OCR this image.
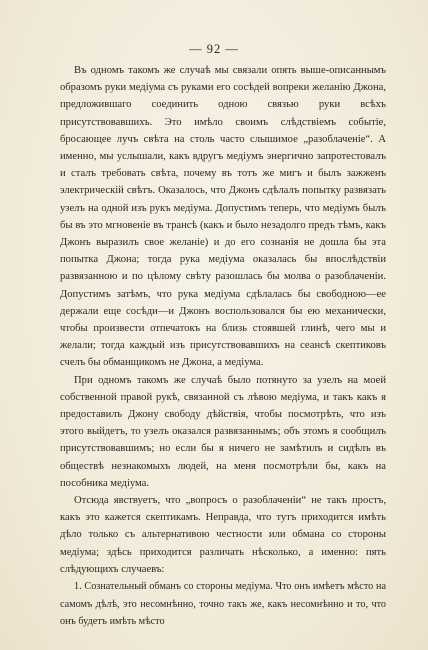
— 92 —

Въ одномъ такомъ же случаѣ мы связали опять выше-описаннымъ образомъ руки медіума съ руками его сосѣдей вопреки желанію Джона, предложившаго соединить одною связью руки всѣхъ присутствовавшихъ. Это имѣло своимъ слѣдствіемъ событіе, бросающее лучъ свѣта на столь часто слышимое „разоблаченіе“. А именно, мы услышали, какъ вдругъ медіумъ энергично запротестовалъ и сталъ требовать свѣта, почему въ тотъ же мигъ и былъ зажженъ электрическій свѣтъ. Оказалось, что Джонъ сдѣлалъ попытку развязать узелъ на одной изъ рукъ медіума. Допустимъ теперь, что медіумъ былъ бы въ это мгновеніе въ трансѣ (какъ и было незадолго предъ тѣмъ, какъ Джонъ выразилъ свое желаніе) и до его сознанія не дошла бы эта попытка Джона; тогда рука медіума оказалась бы впослѣдствіи развязанною и по цѣлому свѣту разошлась бы молва о разоблаченіи. Допустимъ затѣмъ, что рука медіума сдѣлалась бы свободною—ее держали еще сосѣди—и Джонъ воспользовался бы ею механически, чтобы произвести отпечатокъ на близь стоявшей глинѣ, чего мы и желали; тогда каждый изъ присутствовавшихъ на сеансѣ скептиковъ счелъ бы обманщикомъ не Джона, а медіума.

При одномъ такомъ же случаѣ было потянуто за узелъ на моей собственной правой рукѣ, связанной съ лѣвою медіума, и такъ какъ я предоставилъ Джону свободу дѣйствія, чтобы посмотрѣть, что изъ этого выйдетъ, то узелъ оказался развязаннымъ; объ этомъ я сообщилъ присутствовавшимъ; но если бы я ничего не замѣтилъ и сидѣлъ въ обществѣ незнакомыхъ людей, на меня посмотрѣли бы, какъ на пособника медіума.

Отсюда явствуетъ, что „вопросъ о разоблаченіи“ не такъ простъ, какъ это кажется скептикамъ. Неправда, что тутъ приходится имѣть дѣло только съ альтернативою честности или обмана со стороны медіума; здѣсь приходится различать нѣсколько, а именно: пять слѣдующихъ случаевъ:

1. Сознательный обманъ со стороны медіума. Что онъ имѣетъ мѣсто на самомъ дѣлѣ, это несомнѣнно, точно такъ же, какъ несомнѣнно и то, что онъ будетъ имѣть мѣсто
